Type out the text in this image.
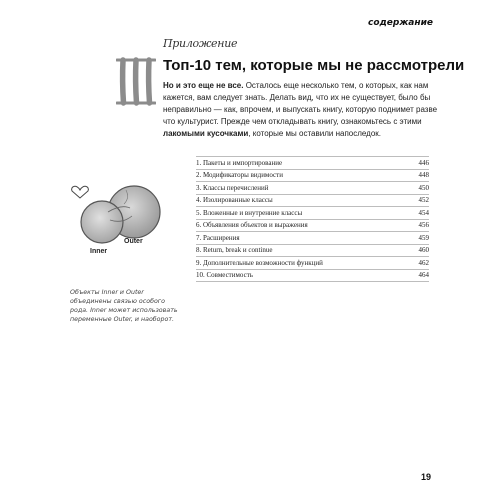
содержание
Приложение
Топ-10 тем, которые мы не рассмотрели
Но и это еще не все. Осталось еще несколько тем, о которых, как нам кажется, вам следует знать. Делать вид, что их не существует, было бы неправильно — как, впрочем, и выпускать книгу, которую поднимет разве что культурист. Прежде чем откладывать книгу, ознакомьтесь с этими лакомыми кусочками, которые мы оставили напоследок.
1. Пакеты и импортирование	446
2. Модификаторы видимости	448
3. Классы перечислений	450
4. Изолированные классы	452
5. Вложенные и внутренние классы	454
6. Объявления объектов и выражения	456
7. Расширения	459
8. Return, break и continue	460
9. Дополнительные возможности функций	462
10. Совместимость	464
Inner
Outer
Объекты Inner и Outer объединены связью особого рода. Inner может использовать переменные Outer, и наоборот.
19
